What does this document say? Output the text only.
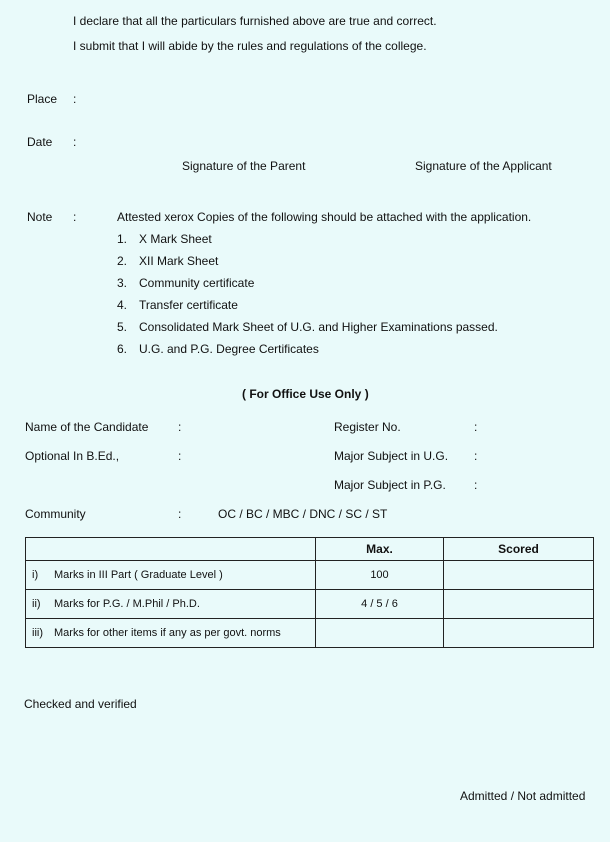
I declare that all the particulars furnished above are true and correct.
I submit that I will abide by the rules and regulations of the college.
Place :
Date :
Signature of the Parent	Signature of the Applicant
Note :	Attested xerox Copies of the following should be attached with the application.
1. X Mark Sheet
2. XII Mark Sheet
3. Community certificate
4. Transfer certificate
5. Consolidated Mark Sheet of U.G. and Higher Examinations passed.
6. U.G. and P.G. Degree Certificates
( For Office Use Only )
Name of the Candidate :	Register No.	:
Optional In B.Ed.,	:	Major Subject in U.G. :
Major Subject in P.G. :
Community	:	OC / BC / MBC / DNC / SC / ST
	Max.	Scored
i) Marks in III Part ( Graduate Level )	100	
ii) Marks for P.G. / M.Phil / Ph.D.	4 / 5 / 6	
iii) Marks for other items if any as per govt. norms		
Checked and verified
Admitted / Not admitted
